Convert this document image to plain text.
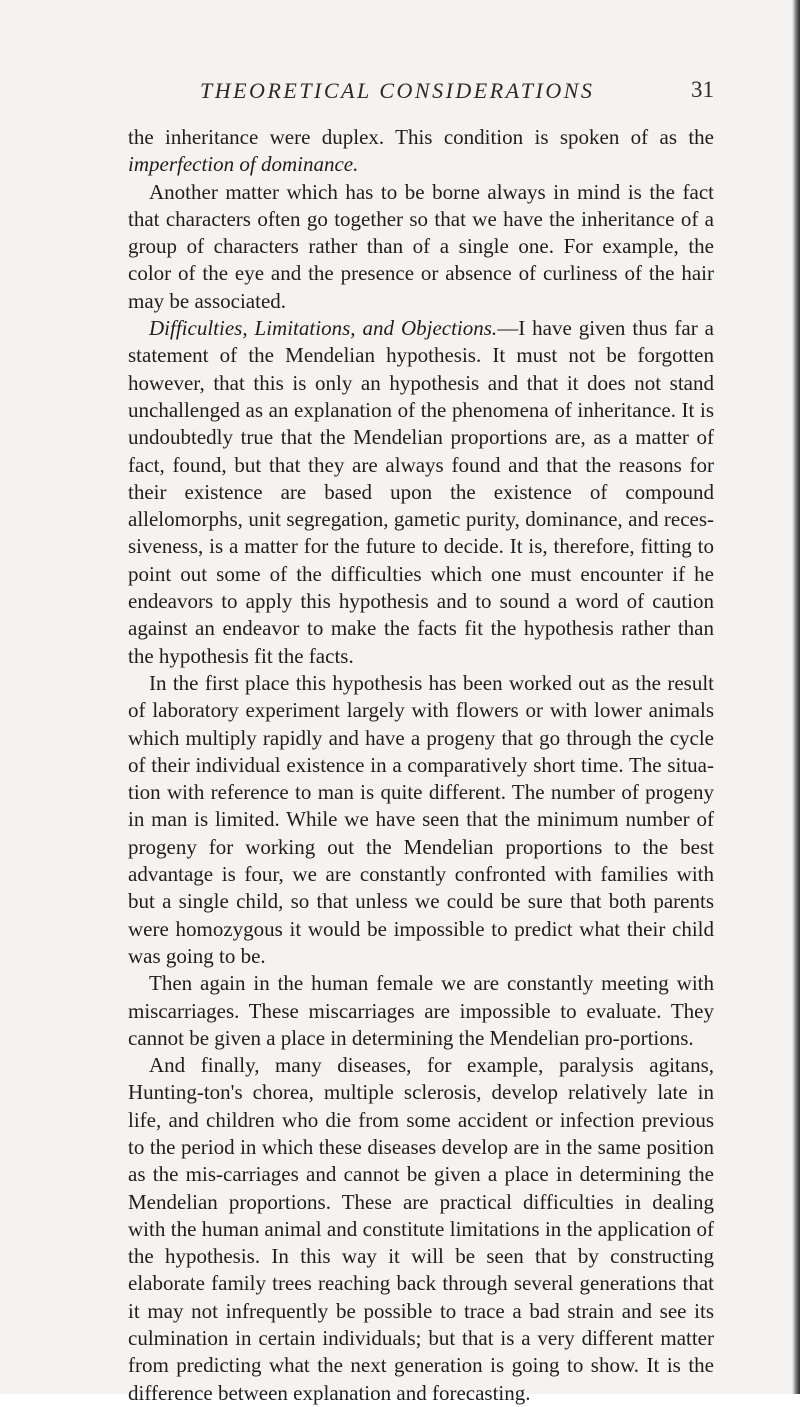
THEORETICAL CONSIDERATIONS	31

the inheritance were duplex. This condition is spoken of as the imperfection of dominance.

Another matter which has to be borne always in mind is the fact that characters often go together so that we have the inheritance of a group of characters rather than of a single one. For example, the color of the eye and the presence or absence of curliness of the hair may be associated.

Difficulties, Limitations, and Objections.—I have given thus far a statement of the Mendelian hypothesis. It must not be forgotten however, that this is only an hypothesis and that it does not stand unchallenged as an explanation of the phenomena of inheritance. It is undoubtedly true that the Mendelian proportions are, as a matter of fact, found, but that they are always found and that the reasons for their existence are based upon the existence of compound allelomorphs, unit segregation, gametic purity, dominance, and reces-siveness, is a matter for the future to decide. It is, therefore, fitting to point out some of the difficulties which one must encounter if he endeavors to apply this hypothesis and to sound a word of caution against an endeavor to make the facts fit the hypothesis rather than the hypothesis fit the facts.

In the first place this hypothesis has been worked out as the result of laboratory experiment largely with flowers or with lower animals which multiply rapidly and have a progeny that go through the cycle of their individual existence in a comparatively short time. The situa-tion with reference to man is quite different. The number of progeny in man is limited. While we have seen that the minimum number of progeny for working out the Mendelian proportions to the best advantage is four, we are constantly confronted with families with but a single child, so that unless we could be sure that both parents were homozygous it would be impossible to predict what their child was going to be.

Then again in the human female we are constantly meeting with miscarriages. These miscarriages are impossible to evaluate. They cannot be given a place in determining the Mendelian pro-portions.

And finally, many diseases, for example, paralysis agitans, Hunting-ton's chorea, multiple sclerosis, develop relatively late in life, and children who die from some accident or infection previous to the period in which these diseases develop are in the same position as the mis-carriages and cannot be given a place in determining the Mendelian proportions. These are practical difficulties in dealing with the human animal and constitute limitations in the application of the hypothesis. In this way it will be seen that by constructing elaborate family trees reaching back through several generations that it may not infrequently be possible to trace a bad strain and see its culmination in certain individuals; but that is a very different matter from predicting what the next generation is going to show. It is the difference between explanation and forecasting.
